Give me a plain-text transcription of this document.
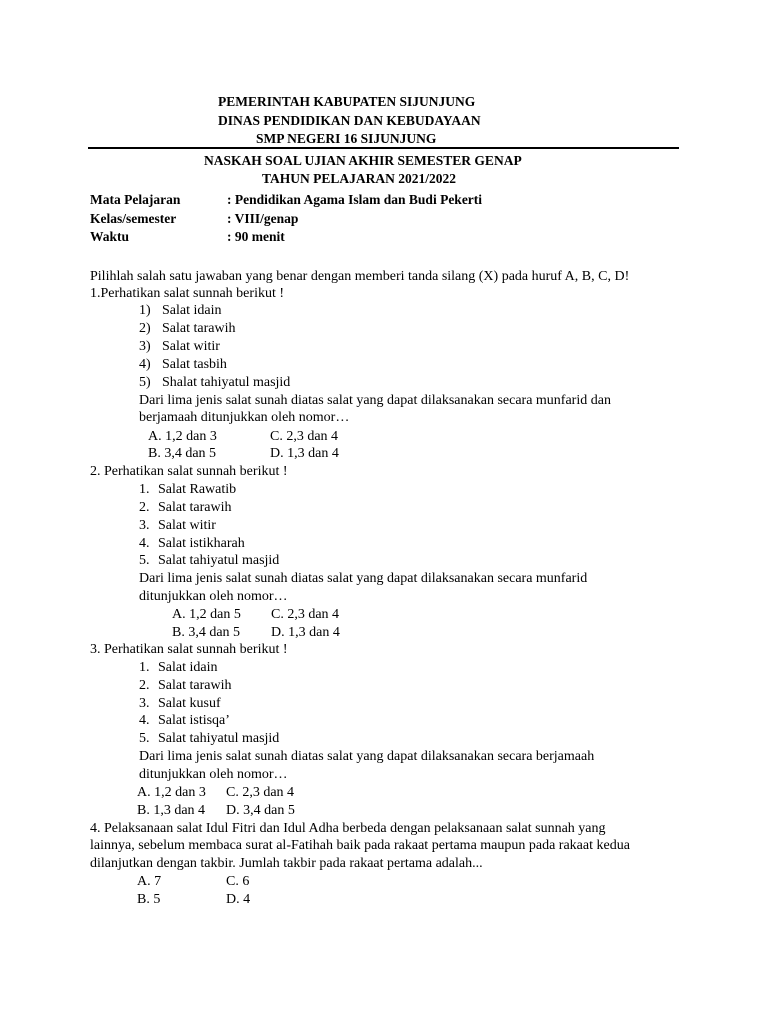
PEMERINTAH KABUPATEN SIJUNJUNG
DINAS PENDIDIKAN DAN KEBUDAYAAN
SMP NEGERI 16 SIJUNJUNG
NASKAH SOAL UJIAN AKHIR SEMESTER GENAP
TAHUN PELAJARAN 2021/2022
Mata Pelajaran	: Pendidikan Agama Islam dan Budi Pekerti
Kelas/semester	: VIII/genap
Waktu	: 90 menit
Pilihlah salah satu jawaban yang benar dengan memberi tanda silang (X) pada huruf A, B, C, D!
1.Perhatikan salat sunnah berikut !
1) Salat idain
2) Salat tarawih
3) Salat witir
4) Salat tasbih
5) Shalat tahiyatul masjid
Dari lima jenis salat sunah diatas salat yang dapat dilaksanakan secara munfarid dan
berjamaah ditunjukkan oleh nomor…
A. 1,2 dan 3	C. 2,3 dan 4
B. 3,4 dan 5	D. 1,3 dan 4
2. Perhatikan salat sunnah berikut !
1. Salat Rawatib
2. Salat tarawih
3. Salat witir
4. Salat istikharah
5. Salat tahiyatul masjid
Dari lima jenis salat sunah diatas salat yang dapat dilaksanakan secara munfarid
ditunjukkan oleh nomor…
A. 1,2 dan 5 C. 2,3 dan 4
B. 3,4 dan 5 D. 1,3 dan 4
3. Perhatikan salat sunnah berikut !
1. Salat idain
2. Salat tarawih
3. Salat kusuf
4. Salat istisqa’
5. Salat tahiyatul masjid
Dari lima jenis salat sunah diatas salat yang dapat dilaksanakan secara berjamaah
ditunjukkan oleh nomor…
A. 1,2 dan 3 C. 2,3 dan 4
B. 1,3 dan 4 D. 3,4 dan 5
4. Pelaksanaan salat Idul Fitri dan Idul Adha berbeda dengan pelaksanaan salat sunnah yang
lainnya, sebelum membaca surat al-Fatihah baik pada rakaat pertama maupun pada rakaat kedua
dilanjutkan dengan takbir. Jumlah takbir pada rakaat pertama adalah...
A. 7	C. 6
B. 5	D. 4
